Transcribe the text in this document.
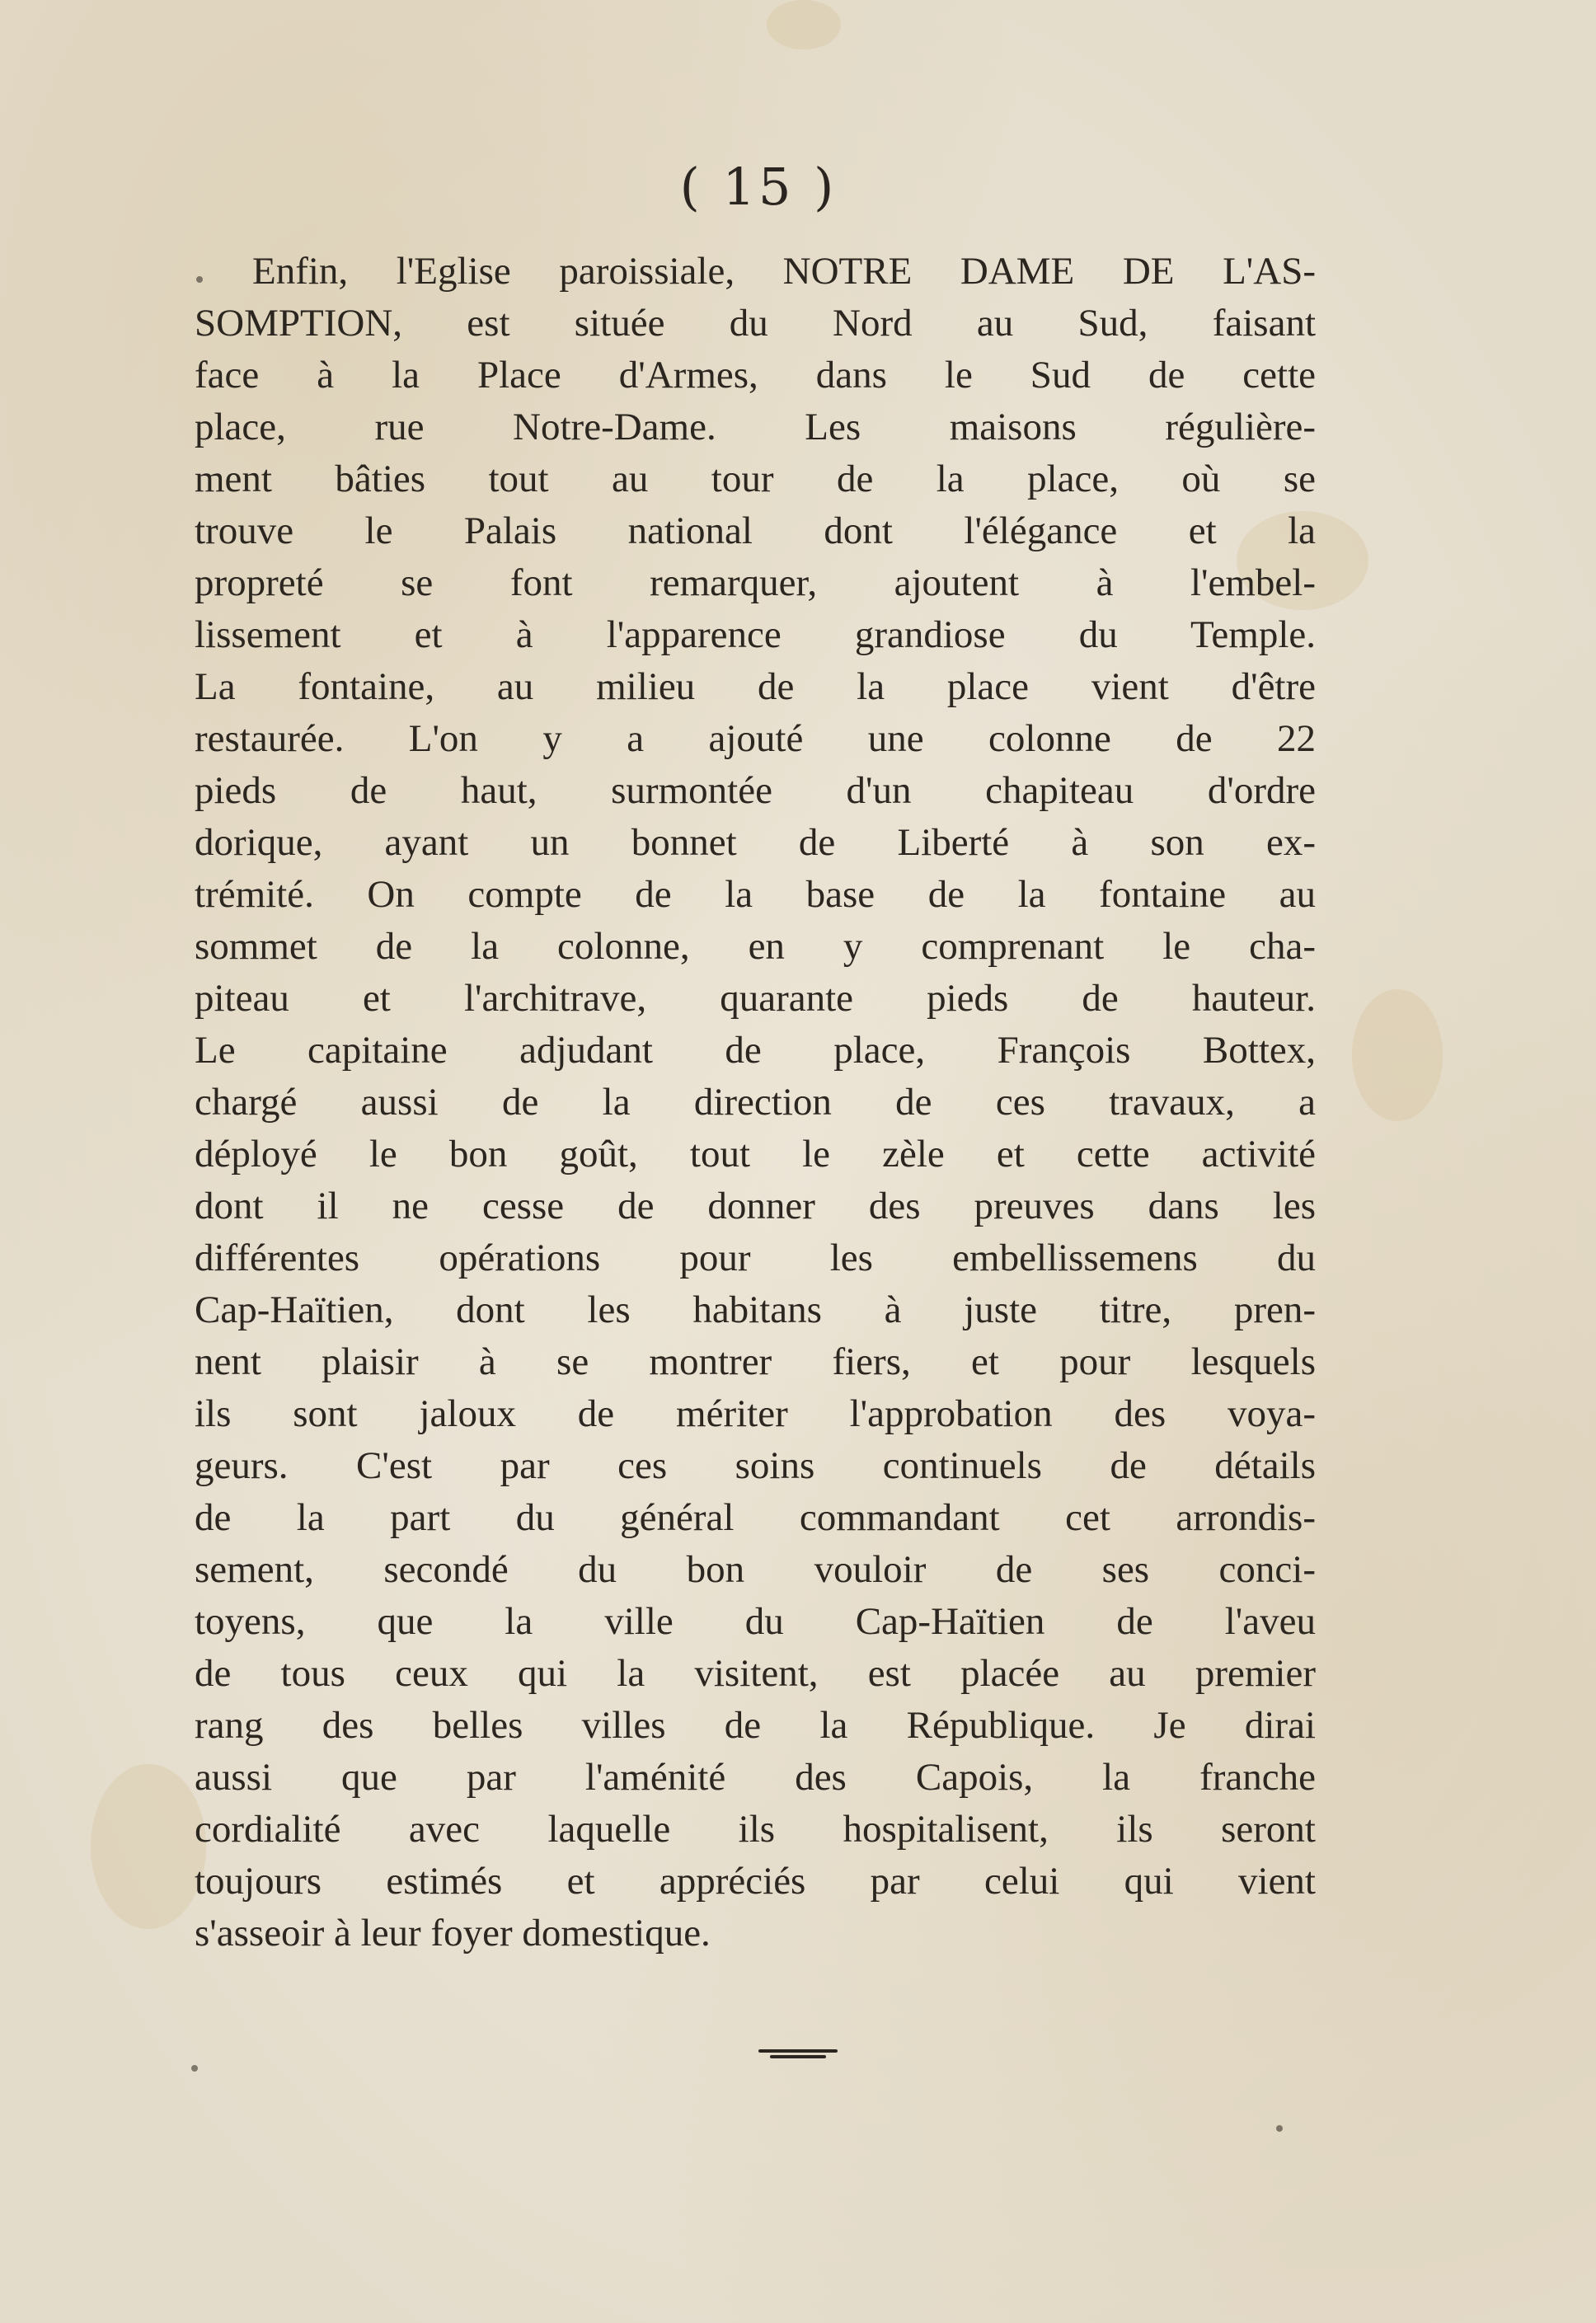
( 15 )
Enfin, l'Eglise paroissiale, NOTRE DAME DE L'AS-
SOMPTION, est située du Nord au Sud, faisant
face à la Place d'Armes, dans le Sud de cette
place, rue Notre-Dame. Les maisons régulière-
ment bâties tout au tour de la place, où se
trouve le Palais national dont l'élégance et la
propreté se font remarquer, ajoutent à l'embel-
lissement et à l'apparence grandiose du Temple.
La fontaine, au milieu de la place vient d'être
restaurée. L'on y a ajouté une colonne de 22
pieds de haut, surmontée d'un chapiteau d'ordre
dorique, ayant un bonnet de Liberté à son ex-
trémité. On compte de la base de la fontaine au
sommet de la colonne, en y comprenant le cha-
piteau et l'architrave, quarante pieds de hauteur.
Le capitaine adjudant de place, François Bottex,
chargé aussi de la direction de ces travaux, a
déployé le bon goût, tout le zèle et cette activité
dont il ne cesse de donner des preuves dans les
différentes opérations pour les embellissemens du
Cap-Haïtien, dont les habitans à juste titre, pren-
nent plaisir à se montrer fiers, et pour lesquels
ils sont jaloux de mériter l'approbation des voya-
geurs. C'est par ces soins continuels de détails
de la part du général commandant cet arrondis-
sement, secondé du bon vouloir de ses conci-
toyens, que la ville du Cap-Haïtien de l'aveu
de tous ceux qui la visitent, est placée au premier
rang des belles villes de la République. Je dirai
aussi que par l'aménité des Capois, la franche
cordialité avec laquelle ils hospitalisent, ils seront
toujours estimés et appréciés par celui qui vient
s'asseoir à leur foyer domestique.
